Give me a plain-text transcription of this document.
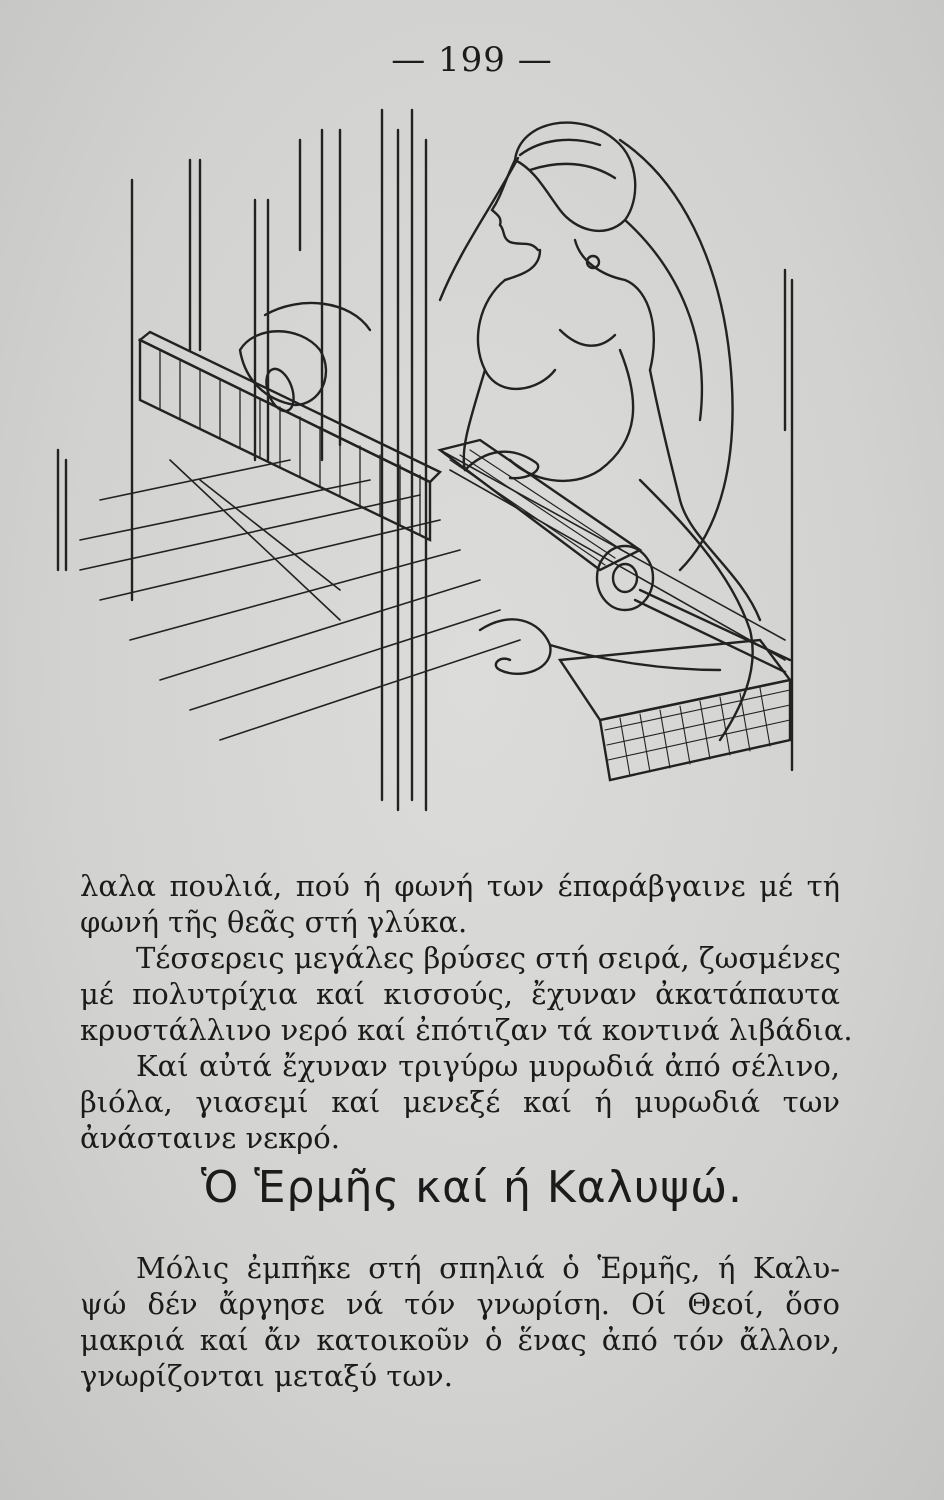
— 199 —
λαλα πουλιά, πού ή φωνή των έπαράβγαινε μέ τή
φωνή τῆς θεᾶς στή γλύκα.
Τέσσερεις μεγάλες βρύσες στή σειρά, ζωσμένες
μέ πολυτρίχια καί κισσούς, ἔχυναν ἀκατάπαυτα
κρυστάλλινο νερό καί ἐπότιζαν τά κοντινά λιβάδια.
Καί αὐτά ἔχυναν τριγύρω μυρωδιά ἀπό σέλινο,
βιόλα, γιασεμί καί μενεξέ καί ή μυρωδιά των
ἀνάσταινε νεκρό.
Ὁ Ἑρμῆς καί ή Καλυψώ.
Μόλις ἐμπῆκε στή σπηλιά ὁ Ἑρμῆς, ή Καλυ-
ψώ δέν ἄργησε νά τόν γνωρίση. Οί Θεοί, ὅσο
μακριά καί ἄν κατοικοῦν ὁ ἕνας ἀπό τόν ἄλλον,
γνωρίζονται μεταξύ των.
